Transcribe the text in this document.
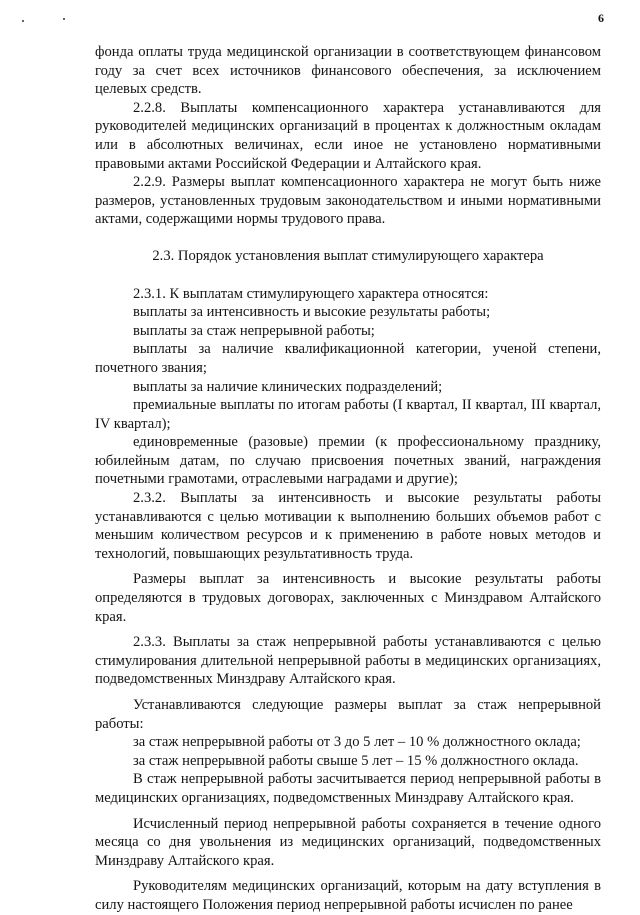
6

фонда оплаты труда медицинской организации в соответствующем финансовом году за счет всех источников финансового обеспечения, за исключением целевых средств.

2.2.8. Выплаты компенсационного характера устанавливаются для руководителей медицинских организаций в процентах к должностным окладам или в абсолютных величинах, если иное не установлено нормативными правовыми актами Российской Федерации и Алтайского края.

2.2.9. Размеры выплат компенсационного характера не могут быть ниже размеров, установленных трудовым законодательством и иными нормативными актами, содержащими нормы трудового права.

2.3. Порядок установления выплат стимулирующего характера

2.3.1. К выплатам стимулирующего характера относятся:

выплаты за интенсивность и высокие результаты работы;

выплаты за стаж непрерывной работы;

выплаты за наличие квалификационной категории, ученой степени, почетного звания;

выплаты за наличие клинических подразделений;

премиальные выплаты по итогам работы (I квартал, II квартал, III квартал, IV квартал);

единовременные (разовые) премии (к профессиональному празднику, юбилейным датам, по случаю присвоения почетных званий, награждения почетными грамотами, отраслевыми наградами и другие);

2.3.2. Выплаты за интенсивность и высокие результаты работы устанавливаются с целью мотивации к выполнению больших объемов работ с меньшим количеством ресурсов и к применению в работе новых методов и технологий, повышающих результативность труда.

Размеры выплат за интенсивность и высокие результаты работы определяются в трудовых договорах, заключенных с Минздравом Алтайского края.

2.3.3. Выплаты за стаж непрерывной работы устанавливаются с целью стимулирования длительной непрерывной работы в медицинских организациях, подведомственных Минздраву Алтайского края.

Устанавливаются следующие размеры выплат за стаж непрерывной работы:

за стаж непрерывной работы от 3 до 5 лет – 10 % должностного оклада;

за стаж непрерывной работы свыше 5 лет – 15 % должностного оклада.

В стаж непрерывной работы засчитывается период непрерывной работы в медицинских организациях, подведомственных Минздраву Алтайского края.

Исчисленный период непрерывной работы сохраняется в течение одного месяца со дня увольнения из медицинских организаций, подведомственных Минздраву Алтайского края.

Руководителям медицинских организаций, которым на дату вступления в силу настоящего Положения период непрерывной работы исчислен по ранее
